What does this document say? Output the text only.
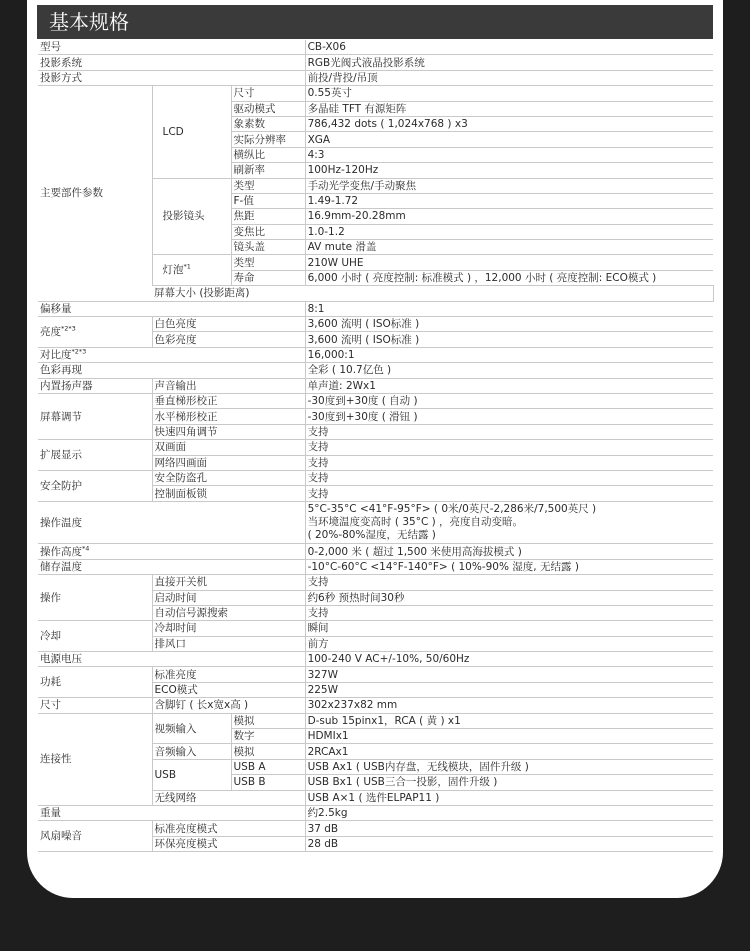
基本规格
型号			CB-X06	
投影系统			RGB光阀式液晶投影系统	
投影方式			前投/背投/吊顶	
主要部件参数	LCD	尺寸	0.55英寸	
		驱动模式	多晶硅 TFT 有源矩阵	
		象素数	786,432 dots ( 1,024x768 ) x3	
		实际分辨率	XGA	
		横纵比	4:3	
		刷新率	100Hz-120Hz	
	投影镜头	类型	手动光学变焦/手动聚焦	
		F-值	1.49-1.72	
		焦距	16.9mm-20.28mm	
		变焦比	1.0-1.2	
		镜头盖	AV mute 滑盖	
	灯泡$^{*1}$	类型	210W UHE	
		寿命	6,000 小时 ( 亮度控制: 标准模式 ) ，12,000 小时 ( 亮度控制: ECO模式 )	
	屏幕大小 (投影距离)	
偏移量			8:1	
亮度$^{*2*3}$	白色亮度		3,600 流明 ( ISO标准 )	
	色彩亮度		3,600 流明 ( ISO标准 )	
对比度$^{*2*3}$			16,000:1	
色彩再现			全彩 ( 10.7亿色 )	
内置扬声器	声音输出		单声道: 2Wx1	
屏幕调节	垂直梯形校正		-30度到+30度 ( 自动 )	
	水平梯形校正		-30度到+30度 ( 滑钮 )	
	快速四角调节		支持	
扩展显示	双画面		支持	
	网络四画面		支持	
安全防护	安全防盗孔		支持	
	控制面板锁		支持	
操作温度			5°C-35°C <41°F-95°F> ( 0米/0英尺-2,286米/7,500英尺 )
当环境温度变高时 ( 35°C ) ，亮度自动变暗。
( 20%-80%湿度，无结露 )	

操作高度$^{*4}$			0-2,000 米 ( 超过 1,500 米使用高海拔模式 )	
储存温度			-10°C-60°C <14°F-140°F> ( 10%-90% 湿度, 无结露 )	
操作	直接开关机		支持	
	启动时间		约6秒 预热时间30秒	
	自动信号源搜索		支持	
冷却	冷却时间		瞬间	
	排风口		前方	
电源电压			100-240 V AC+/-10%, 50/60Hz	
功耗	标准亮度		327W	
	ECO模式		225W	
尺寸	含脚钉 ( 长x宽x高 )		302x237x82 mm	
连接性	视频输入	模拟	D-sub 15pinx1，RCA ( 黄 ) x1	
		数字	HDMIx1	
	音频输入	模拟	2RCAx1	
	USB	USB A	USB Ax1 ( USB内存盘，无线模块，固件升级 )	
		USB B	USB Bx1 ( USB三合一投影，固件升级 )	
	无线网络		USB A×1 ( 选件ELPAP11 )	
重量			约2.5kg	
风扇噪音	标准亮度模式		37 dB	
	环保亮度模式		28 dB	
